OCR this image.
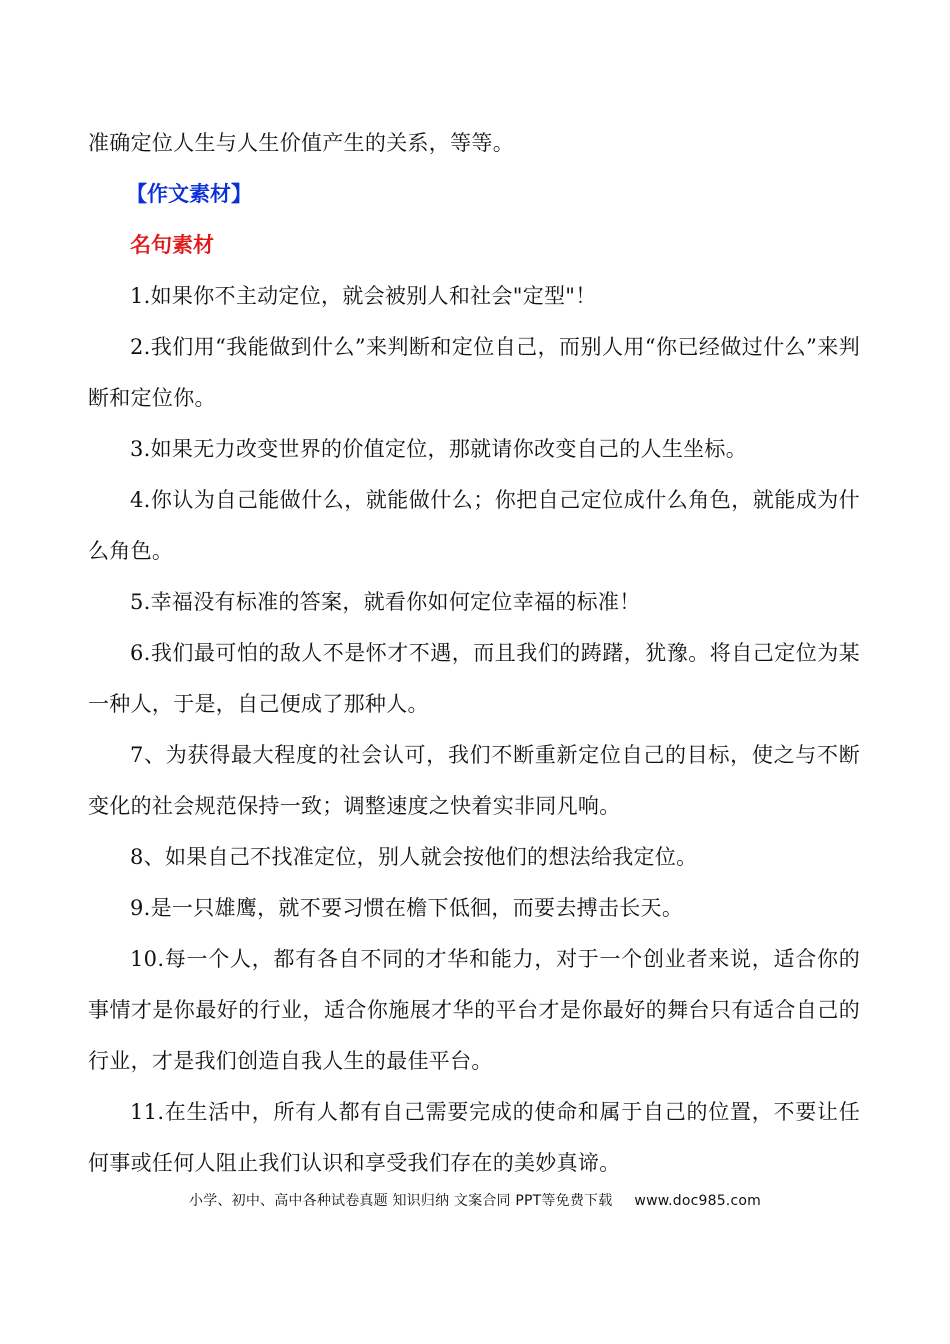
准确定位人生与人生价值产生的关系，等等。

【作文素材】

名句素材

1.如果你不主动定位，就会被别人和社会"定型"！

2.我们用“我能做到什么”来判断和定位自己，而别人用“你已经做过什么”来判断和定位你。

3.如果无力改变世界的价值定位，那就请你改变自己的人生坐标。

4.你认为自己能做什么，就能做什么；你把自己定位成什么角色，就能成为什么角色。

5.幸福没有标准的答案，就看你如何定位幸福的标准！

6.我们最可怕的敌人不是怀才不遇，而且我们的踌躇，犹豫。将自己定位为某一种人，于是，自己便成了那种人。

7、为获得最大程度的社会认可，我们不断重新定位自己的目标，使之与不断变化的社会规范保持一致；调整速度之快着实非同凡响。

8、如果自己不找准定位，别人就会按他们的想法给我定位。

9.是一只雄鹰，就不要习惯在檐下低徊，而要去搏击长天。

10.每一个人，都有各自不同的才华和能力，对于一个创业者来说，适合你的事情才是你最好的行业，适合你施展才华的平台才是你最好的舞台只有适合自己的行业，才是我们创造自我人生的最佳平台。

11.在生活中，所有人都有自己需要完成的使命和属于自己的位置，不要让任何事或任何人阻止我们认识和享受我们存在的美妙真谛。

小学、初中、高中各种试卷真题 知识归纳 文案合同 PPT等免费下载 www.doc985.com
